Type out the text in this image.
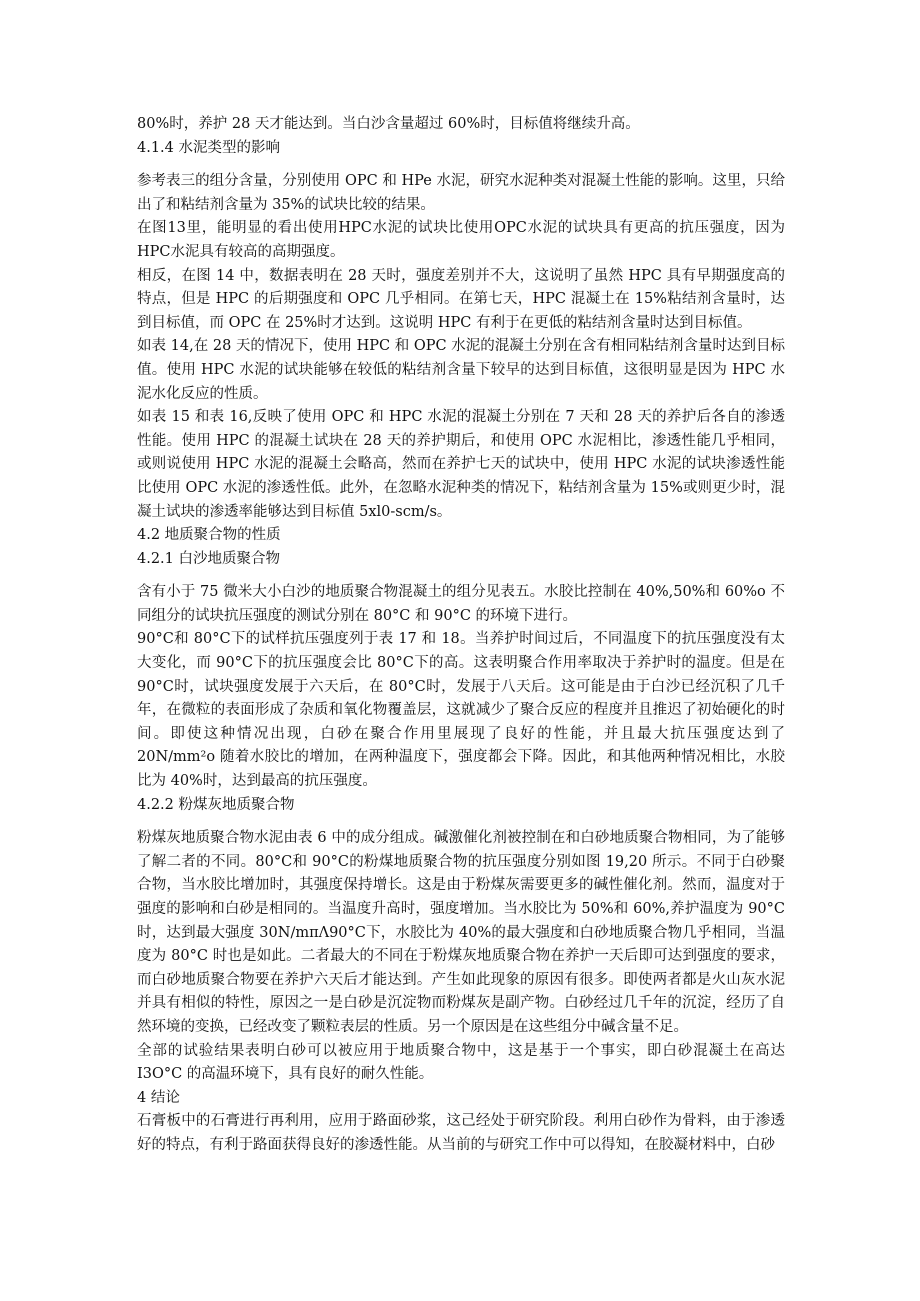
80%时，养护 28 天才能达到。当白沙含量超过 60%时，目标值将继续升高。

4.1.4 水泥类型的影响

参考表三的组分含量，分别使用 OPC 和 HPe 水泥，研究水泥种类对混凝土性能的影响。这里，只给出了和粘结剂含量为 35%的试块比较的结果。

在图13里，能明显的看出使用HPC水泥的试块比使用OPC水泥的试块具有更高的抗压强度，因为HPC水泥具有较高的高期强度。

相反，在图 14 中，数据表明在 28 天时，强度差别并不大，这说明了虽然 HPC 具有早期强度高的特点，但是 HPC 的后期强度和 OPC 几乎相同。在第七天，HPC 混凝土在 15%粘结剂含量时，达到目标值，而 OPC 在 25%时才达到。这说明 HPC 有利于在更低的粘结剂含量时达到目标值。

如表 14,在 28 天的情况下，使用 HPC 和 OPC 水泥的混凝土分别在含有相同粘结剂含量时达到目标值。使用 HPC 水泥的试块能够在较低的粘结剂含量下较早的达到目标值，这很明显是因为 HPC 水泥水化反应的性质。

如表 15 和表 16,反映了使用 OPC 和 HPC 水泥的混凝土分别在 7 天和 28 天的养护后各自的渗透性能。使用 HPC 的混凝土试块在 28 天的养护期后，和使用 OPC 水泥相比，渗透性能几乎相同，或则说使用 HPC 水泥的混凝土会略高，然而在养护七天的试块中，使用 HPC 水泥的试块渗透性能比使用 OPC 水泥的渗透性低。此外，在忽略水泥种类的情况下，粘结剂含量为 15%或则更少时，混凝土试块的渗透率能够达到目标值 5xl0-scm/s。

4.2 地质聚合物的性质
4.2.1 白沙地质聚合物

含有小于 75 微米大小白沙的地质聚合物混凝土的组分见表五。水胶比控制在 40%,50%和 60%o 不同组分的试块抗压强度的测试分别在 80°C 和 90°C 的环境下进行。

90°C和 80°C下的试样抗压强度列于表 17 和 18。当养护时间过后，不同温度下的抗压强度没有太大变化，而 90°C下的抗压强度会比 80°C下的高。这表明聚合作用率取决于养护时的温度。但是在 90°C时，试块强度发展于六天后，在 80°C时，发展于八天后。这可能是由于白沙已经沉积了几千年，在微粒的表面形成了杂质和氧化物覆盖层，这就减少了聚合反应的程度并且推迟了初始硬化的时间。即使这种情况出现，白砂在聚合作用里展现了良好的性能，并且最大抗压强度达到了 20N∕mm²o 随着水胶比的增加，在两种温度下，强度都会下降。因此，和其他两种情况相比，水胶比为 40%时，达到最高的抗压强度。

4.2.2 粉煤灰地质聚合物

粉煤灰地质聚合物水泥由表 6 中的成分组成。碱激催化剂被控制在和白砂地质聚合物相同，为了能够了解二者的不同。80°C和 90°C的粉煤地质聚合物的抗压强度分别如图 19,20 所示。不同于白砂聚合物，当水胶比增加时，其强度保持增长。这是由于粉煤灰需要更多的碱性催化剂。然而，温度对于强度的影响和白砂是相同的。当温度升高时，强度增加。当水胶比为 50%和 60%,养护温度为 90°C时，达到最大强度 30N∕mπΛ90°C下，水胶比为 40%的最大强度和白砂地质聚合物几乎相同，当温度为 80°C 时也是如此。二者最大的不同在于粉煤灰地质聚合物在养护一天后即可达到强度的要求，而白砂地质聚合物要在养护六天后才能达到。产生如此现象的原因有很多。即使两者都是火山灰水泥并具有相似的特性，原因之一是白砂是沉淀物而粉煤灰是副产物。白砂经过几千年的沉淀，经历了自然环境的变换，已经改变了颗粒表层的性质。另一个原因是在这些组分中碱含量不足。

全部的试验结果表明白砂可以被应用于地质聚合物中，这是基于一个事实，即白砂混凝土在高达 I3O°C 的高温环境下，具有良好的耐久性能。

4 结论

石膏板中的石膏进行再利用，应用于路面砂浆，这己经处于研究阶段。利用白砂作为骨料，由于渗透好的特点，有利于路面获得良好的渗透性能。从当前的与研究工作中可以得知，在胶凝材料中，白砂
